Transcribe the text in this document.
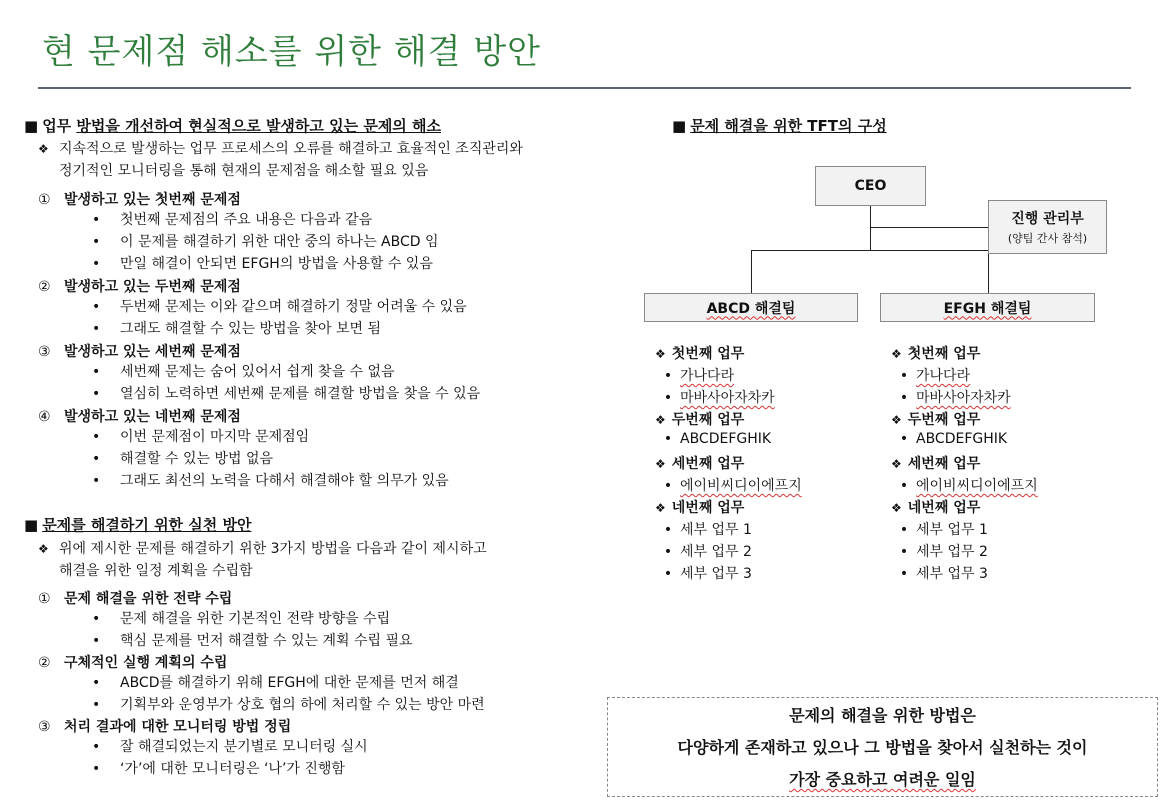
현 문제점 해소를 위한 해결 방안
■ 업무 방법을 개선하여 현실적으로 발생하고 있는 문제의 해소
❖ 지속적으로 발생하는 업무 프로세스의 오류를 해결하고 효율적인 조직관리와
정기적인 모니터링을 통해 현재의 문제점을 해소할 필요 있음
① 발생하고 있는 첫번째 문제점
• 첫번째 문제점의 주요 내용은 다음과 같음
• 이 문제를 해결하기 위한 대안 중의 하나는 ABCD 임
• 만일 해결이 안되면 EFGH의 방법을 사용할 수 있음
② 발생하고 있는 두번째 문제점
• 두번째 문제는 이와 같으며 해결하기 정말 어려울 수 있음
• 그래도 해결할 수 있는 방법을 찾아 보면 됨
③ 발생하고 있는 세번째 문제점
• 세번째 문제는 숨어 있어서 쉽게 찾을 수 없음
• 열심히 노력하면 세번째 문제를 해결할 방법을 찾을 수 있음
④ 발생하고 있는 네번째 문제점
• 이번 문제점이 마지막 문제점임
• 해결할 수 있는 방법 없음
• 그래도 최선의 노력을 다해서 해결해야 할 의무가 있음
■ 문제를 해결하기 위한 실천 방안
❖ 위에 제시한 문제를 해결하기 위한 3가지 방법을 다음과 같이 제시하고
해결을 위한 일정 계획을 수립함
① 문제 해결을 위한 전략 수립
• 문제 해결을 위한 기본적인 전략 방향을 수립
• 핵심 문제를 먼저 해결할 수 있는 계획 수립 필요
② 구체적인 실행 계획의 수립
• ABCD를 해결하기 위해 EFGH에 대한 문제를 먼저 해결
• 기획부와 운영부가 상호 협의 하에 처리할 수 있는 방안 마련
③ 처리 결과에 대한 모니터링 방법 정립
• 잘 해결되었는지 분기별로 모니터링 실시
• ‘가’에 대한 모니터링은 ‘나’가 진행함
■ 문제 해결을 위한 TFT의 구성
CEO
진행 관리부
(양팀 간사 참석)
ABCD 해결팀	EFGH 해결팀
❖ 첫번째 업무
• 가나다라
• 마바사아자차카
❖ 두번째 업무
• ABCDEFGHIK
❖ 세번째 업무
• 에이비씨디이에프지
❖ 네번째 업무
• 세부 업무 1
• 세부 업무 2
• 세부 업무 3
❖ 첫번째 업무
• 가나다라
• 마바사아자차카
❖ 두번째 업무
• ABCDEFGHIK
❖ 세번째 업무
• 에이비씨디이에프지
❖ 네번째 업무
• 세부 업무 1
• 세부 업무 2
• 세부 업무 3
문제의 해결을 위한 방법은
다양하게 존재하고 있으나 그 방법을 찾아서 실천하는 것이
가장 중요하고 여려운 일임
